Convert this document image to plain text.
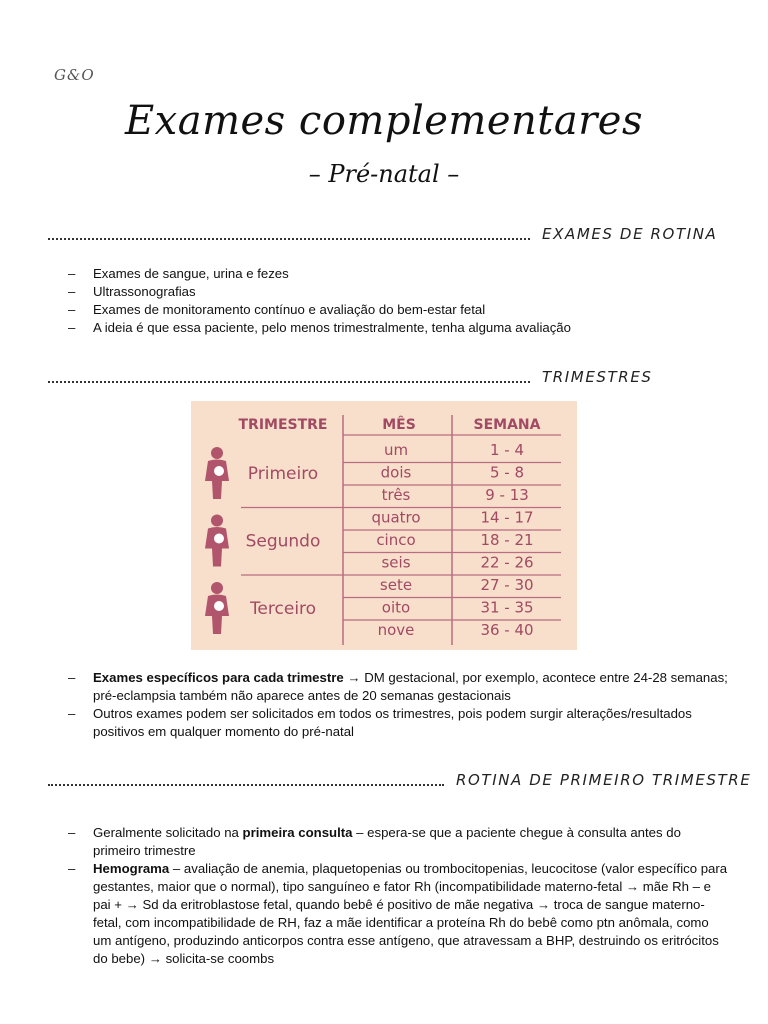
G&O
Exames complementares
– Pré-natal –
EXAMES DE ROTINA
– Exames de sangue, urina e fezes
– Ultrassonografias
– Exames de monitoramento contínuo e avaliação do bem-estar fetal
– A ideia é que essa paciente, pelo menos trimestralmente, tenha alguma avaliação
TRIMESTRES
TRIMESTRE	MÊS	SEMANA
Primeiro
um	1 - 4
dois	5 - 8
três	9 - 13
Segundo
quatro	14 - 17
cinco	18 - 21
seis	22 - 26
Terceiro
sete	27 - 30
oito	31 - 35
nove	36 - 40
– Exames específicos para cada trimestre → DM gestacional, por exemplo, acontece entre 24-28 semanas; pré-eclampsia também não aparece antes de 20 semanas gestacionais
– Outros exames podem ser solicitados em todos os trimestres, pois podem surgir alterações/resultados positivos em qualquer momento do pré-natal
ROTINA DE PRIMEIRO TRIMESTRE
– Geralmente solicitado na primeira consulta – espera-se que a paciente chegue à consulta antes do primeiro trimestre
– Hemograma – avaliação de anemia, plaquetopenias ou trombocitopenias, leucocitose (valor específico para gestantes, maior que o normal), tipo sanguíneo e fator Rh (incompatibilidade materno-fetal → mãe Rh – e pai + → Sd da eritroblastose fetal, quando bebê é positivo de mãe negativa → troca de sangue materno-fetal, com incompatibilidade de RH, faz a mãe identificar a proteína Rh do bebê como ptn anômala, como um antígeno, produzindo anticorpos contra esse antígeno, que atravessam a BHP, destruindo os eritrócitos do bebe) → solicita-se coombs
